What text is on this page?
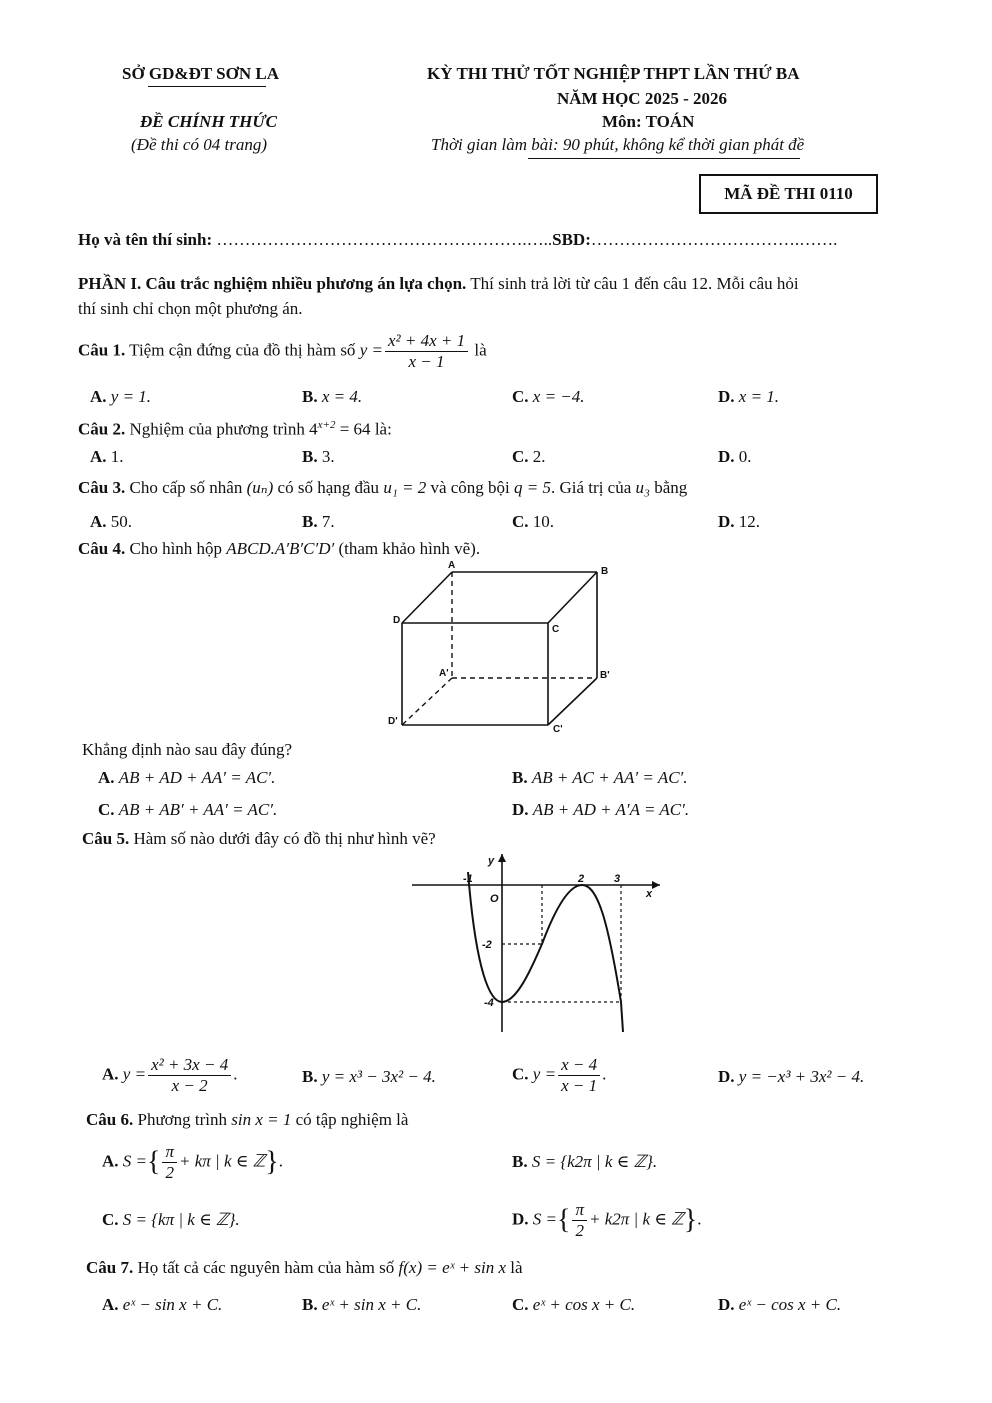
SỞ GD&ĐT SƠN LA
ĐỀ CHÍNH THỨC
(Đề thi có 04 trang)
KỲ THI THỬ TỐT NGHIỆP THPT LẦN THỨ BA
NĂM HỌC 2025 - 2026
Môn: TOÁN
Thời gian làm bài: 90 phút, không kể thời gian phát đề
MÃ ĐỀ THI 0110
Họ và tên thí sinh: ……………………………………………….…..SBD:……………………………….…….
PHẦN I. Câu trắc nghiệm nhiều phương án lựa chọn. Thí sinh trả lời từ câu 1 đến câu 12. Mỗi câu hỏi
thí sinh chỉ chọn một phương án.
Câu 1. Tiệm cận đứng của đồ thị hàm số $y = \frac{\text{x² + 4x + 1}}{x - 1}$ là
A. y = 1.	B. x = 4.	C. x = −4.	D. x = 1.
Câu 2. Nghiệm của phương trình $4^{x+2} = 64$ là:
A. 1.	B. 3.	C. 2.	D. 0.
Câu 3. Cho cấp số nhân (uₙ) có số hạng đầu u₁ = 2 và công bội q = 5. Giá trị của u₃ bằng
A. 50.	B. 7.	C. 10.	D. 12.
Câu 4. Cho hình hộp ABCD.A′B′C′D′ (tham khảo hình vẽ).
A
B
C
D
A'	B'
C'
D'
Khẳng định nào sau đây đúng?
A. AB + AD + AA′ = AC′.	B. AB + AC + AA′ = AC′.
C. AB + AB′ + AA′ = AC′.	D. AB + AD + A′A = AC′.
Câu 5. Hàm số nào dưới đây có đồ thị như hình vẽ?
y
x
O
-1	2	3
-2
-4
A. $y = \frac{\text{x² + 3x − 4}}{x - 2}$ .	B. y = x³ − 3x² − 4.	C. $y = \frac{x - 4}{x - 1}$ .	D. y = −x³ + 3x² − 4.
Câu 6. Phương trình sin x = 1 có tập nghiệm là
A. S ={ $\frac{\pi}{2} + k\pi$ | k ∈ ℤ}.	B. S = {k2π | k ∈ ℤ}.
C. S = {kπ | k ∈ ℤ}.	D. S ={ $\frac{\pi}{2} + k2\pi$ | k ∈ ℤ}.
Câu 7. Họ tất cả các nguyên hàm của hàm số f(x) = eˣ + sin x là
A. eˣ − sin x + C.	B. eˣ + sin x + C.	C. eˣ + cos x + C.	D. eˣ − cos x + C.
